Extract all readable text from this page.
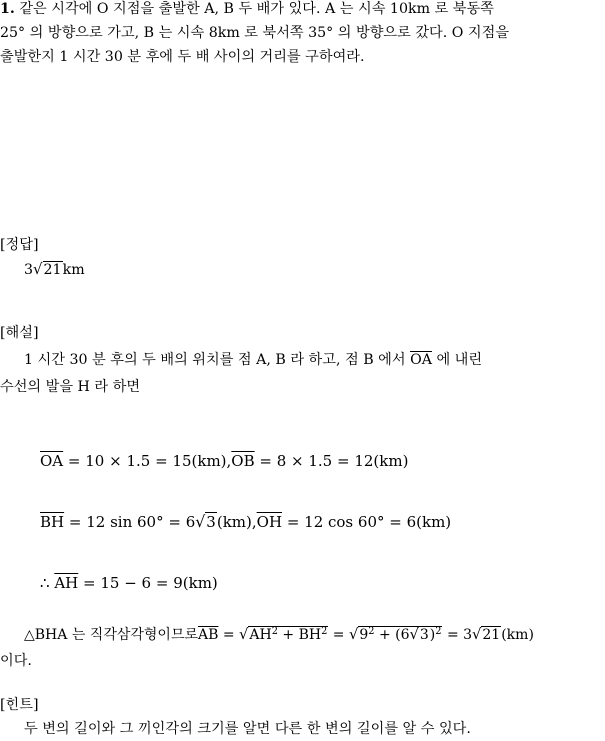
1. 같은 시각에 O 지점을 출발한 A, B 두 배가 있다. A 는 시속 10km 로 북동쪽
25° 의 방향으로 가고, B 는 시속 8km 로 북서쪽 35° 의 방향으로 갔다. O 지점을
출발한지 1 시간 30 분 후에 두 배 사이의 거리를 구하여라.
[정답]
3√21km
[해설]
1 시간 30 분 후의 두 배의 위치를 점 A, B 라 하고, 점 B 에서 $\overline{OA}$ 에 내린
수선의 발을 H 라 하면
$\overline{OA} = 10 \times 1.5 = 15(km),\overline{OB} = 8 \times 1.5 = 12(km)$
$\overline{BH} = 12$ $\sin 60^\circ = 6√3(km),\overline{OH} = 12$ cos 60° = 6(km)
∴ $\overline{AH} = 15 - 6 = 9(km)$
△BHA 는 직각삼각형이므로$\overline{AB} = √AH^2 + \overline{BH}^2 = √9^2 + (6√3)^2 = 3√21(km)$
이다.
[힌트]
두 변의 길이와 그 끼인각의 크기를 알면 다른 한 변의 길이를 알 수 있다.
